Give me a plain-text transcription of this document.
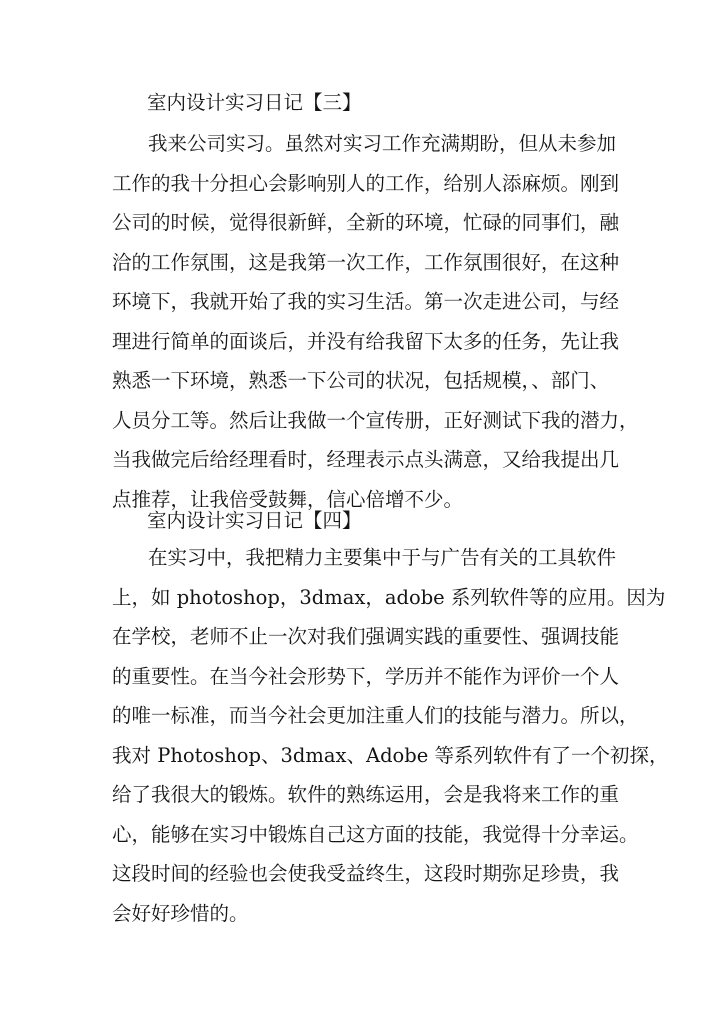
室内设计实习日记【三】
我来公司实习。虽然对实习工作充满期盼，但从未参加
工作的我十分担心会影响别人的工作，给别人添麻烦。刚到
公司的时候，觉得很新鲜，全新的环境，忙碌的同事们，融
洽的工作氛围，这是我第一次工作，工作氛围很好，在这种
环境下，我就开始了我的实习生活。第一次走进公司，与经
理进行简单的面谈后，并没有给我留下太多的任务，先让我
熟悉一下环境，熟悉一下公司的状况，包括规模，、部门、
人员分工等。然后让我做一个宣传册，正好测试下我的潜力，
当我做完后给经理看时，经理表示点头满意，又给我提出几
点推荐，让我倍受鼓舞，信心倍增不少。
室内设计实习日记【四】
在实习中，我把精力主要集中于与广告有关的工具软件
上，如 photoshop，3dmax，adobe 系列软件等的应用。因为
在学校，老师不止一次对我们强调实践的重要性、强调技能
的重要性。在当今社会形势下，学历并不能作为评价一个人
的唯一标准，而当今社会更加注重人们的技能与潜力。所以，
我对 Photoshop、3dmax、Adobe 等系列软件有了一个初探，
给了我很大的锻炼。软件的熟练运用，会是我将来工作的重
心，能够在实习中锻炼自己这方面的技能，我觉得十分幸运。
这段时间的经验也会使我受益终生，这段时期弥足珍贵，我
会好好珍惜的。
